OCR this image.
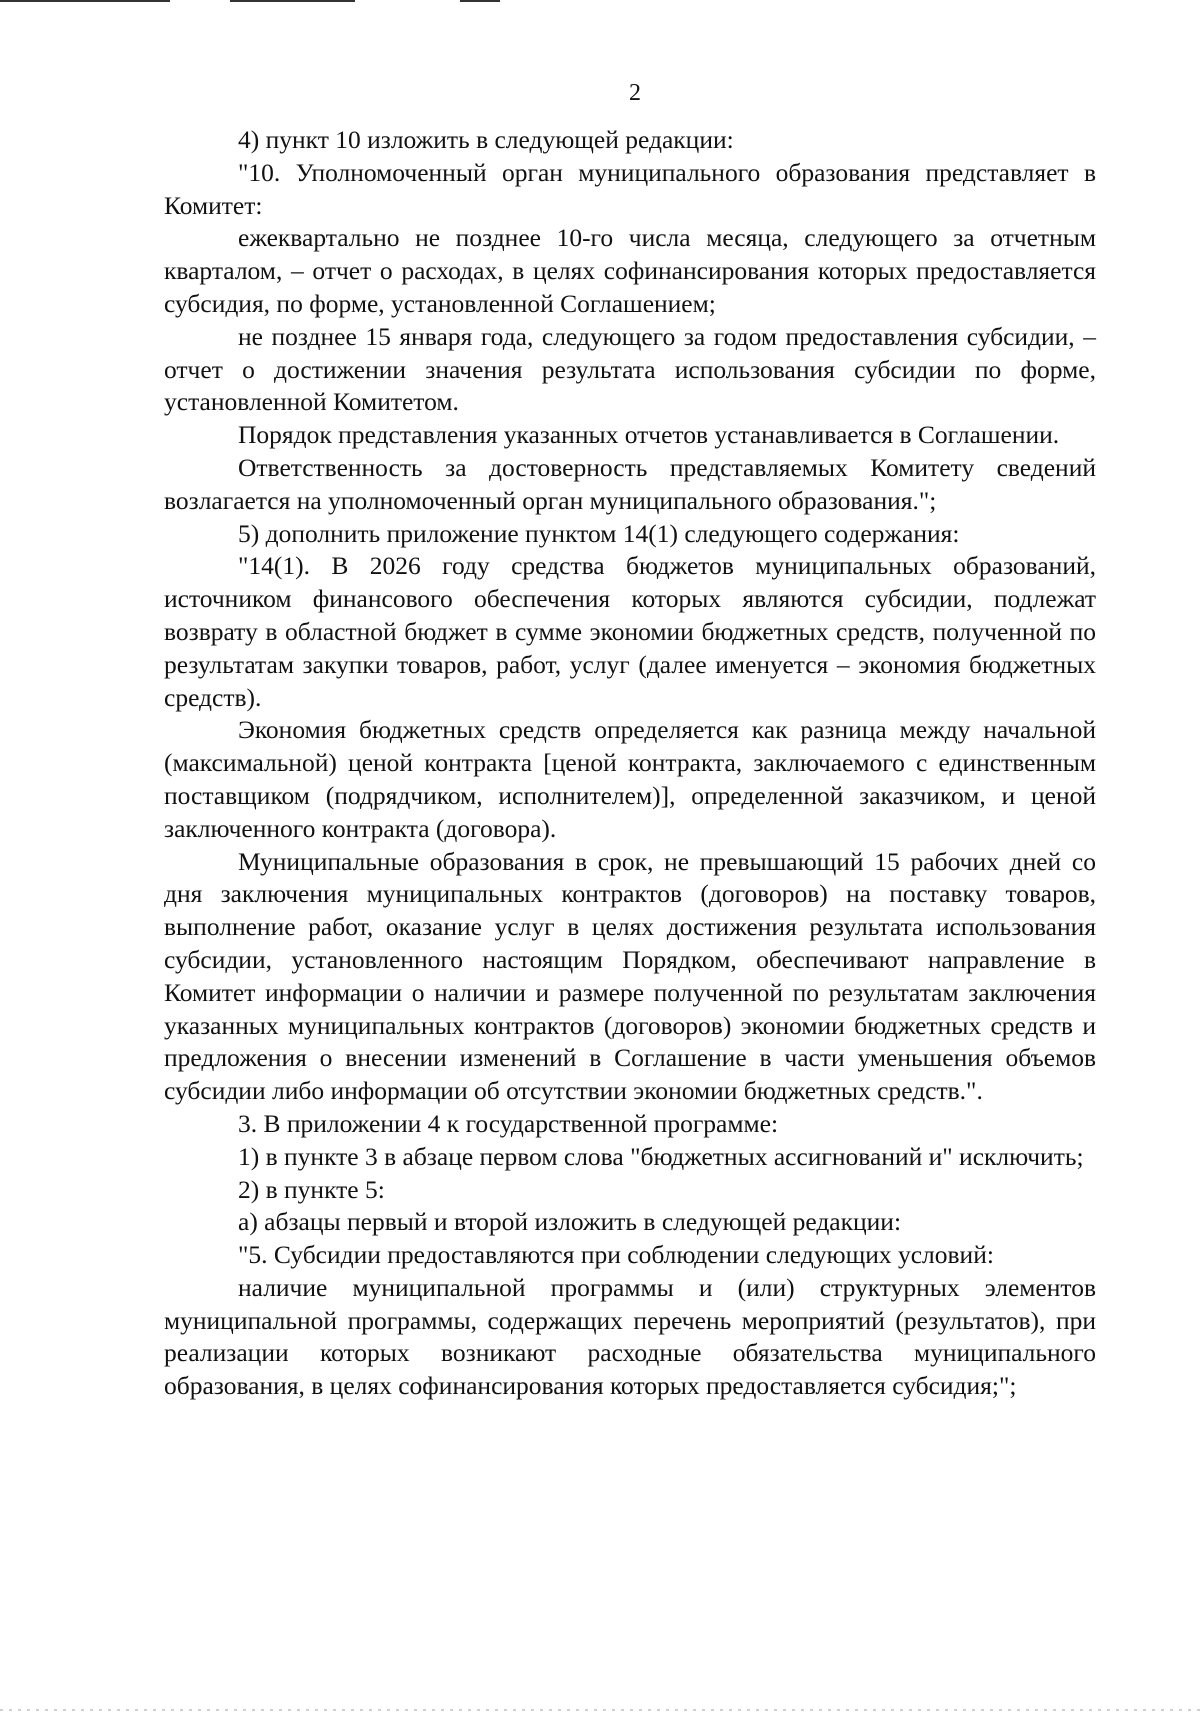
2

4) пункт 10 изложить в следующей редакции:

"10. Уполномоченный орган муниципального образования представляет в Комитет:

ежеквартально не позднее 10-го числа месяца, следующего за отчетным кварталом, – отчет о расходах, в целях софинансирования которых предоставляется субсидия, по форме, установленной Соглашением;

не позднее 15 января года, следующего за годом предоставления субсидии, – отчет о достижении значения результата использования субсидии по форме, установленной Комитетом.

Порядок представления указанных отчетов устанавливается в Соглашении.

Ответственность за достоверность представляемых Комитету сведений возлагается на уполномоченный орган муниципального образования.";

5) дополнить приложение пунктом 14(1) следующего содержания:

"14(1). В 2026 году средства бюджетов муниципальных образований, источником финансового обеспечения которых являются субсидии, подлежат возврату в областной бюджет в сумме экономии бюджетных средств, полученной по результатам закупки товаров, работ, услуг (далее именуется – экономия бюджетных средств).

Экономия бюджетных средств определяется как разница между начальной (максимальной) ценой контракта [ценой контракта, заключаемого с единственным поставщиком (подрядчиком, исполнителем)], определенной заказчиком, и ценой заключенного контракта (договора).

Муниципальные образования в срок, не превышающий 15 рабочих дней со дня заключения муниципальных контрактов (договоров) на поставку товаров, выполнение работ, оказание услуг в целях достижения результата использования субсидии, установленного настоящим Порядком, обеспечивают направление в Комитет информации о наличии и размере полученной по результатам заключения указанных муниципальных контрактов (договоров) экономии бюджетных средств и предложения о внесении изменений в Соглашение в части уменьшения объемов субсидии либо информации об отсутствии экономии бюджетных средств.".

3. В приложении 4 к государственной программе:

1) в пункте 3 в абзаце первом слова "бюджетных ассигнований и" исключить;

2) в пункте 5:

а) абзацы первый и второй изложить в следующей редакции:

"5. Субсидии предоставляются при соблюдении следующих условий:

наличие муниципальной программы и (или) структурных элементов муниципальной программы, содержащих перечень мероприятий (результатов), при реализации которых возникают расходные обязательства муниципального образования, в целях софинансирования которых предоставляется субсидия;";
